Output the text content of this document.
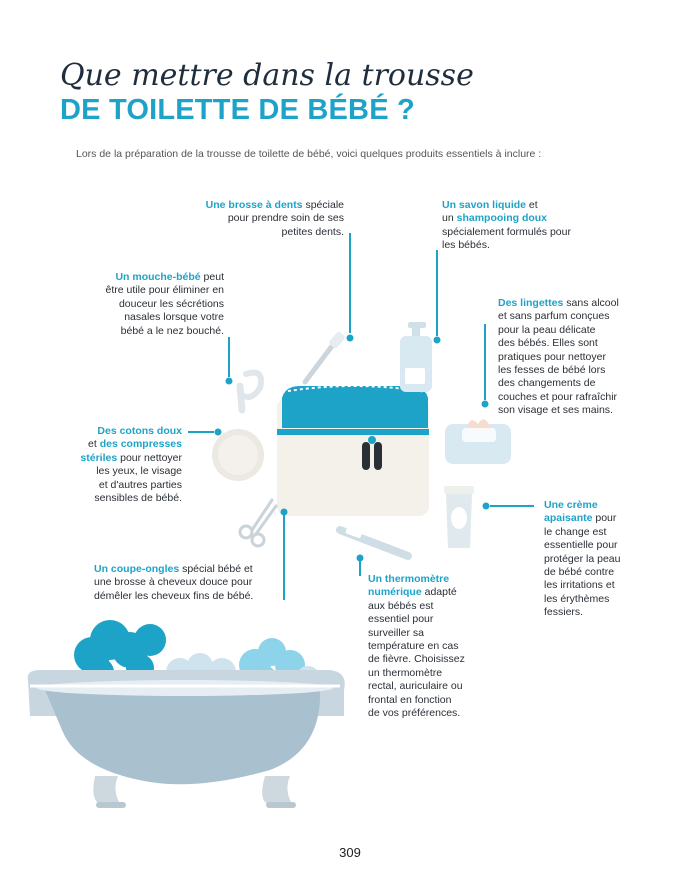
Que mettre dans la trousse
DE TOILETTE DE BÉBÉ ?
Lors de la préparation de la trousse de toilette de bébé, voici quelques produits essentiels à inclure :
Une brosse à dents spéciale
pour prendre soin de ses
petites dents.
Un savon liquide et
un shampooing doux
spécialement formulés pour
les bébés.
Un mouche-bébé peut
être utile pour éliminer en
douceur les sécrétions
nasales lorsque votre
bébé a le nez bouché.
Des lingettes sans alcool
et sans parfum conçues
pour la peau délicate
des bébés. Elles sont
pratiques pour nettoyer
les fesses de bébé lors
des changements de
couches et pour rafraîchir
son visage et ses mains.
Des cotons doux
et des compresses
stériles pour nettoyer
les yeux, le visage
et d'autres parties
sensibles de bébé.
Une crème
apaisante pour
le change est
essentielle pour
protéger la peau
de bébé contre
les irritations et
les érythèmes
fessiers.
Un coupe-ongles spécial bébé et
une brosse à cheveux douce pour
démêler les cheveux fins de bébé.
Un thermomètre
numérique adapté
aux bébés est
essentiel pour
surveiller sa
température en cas
de fièvre. Choisissez
un thermomètre
rectal, auriculaire ou
frontal en fonction
de vos préférences.
309
